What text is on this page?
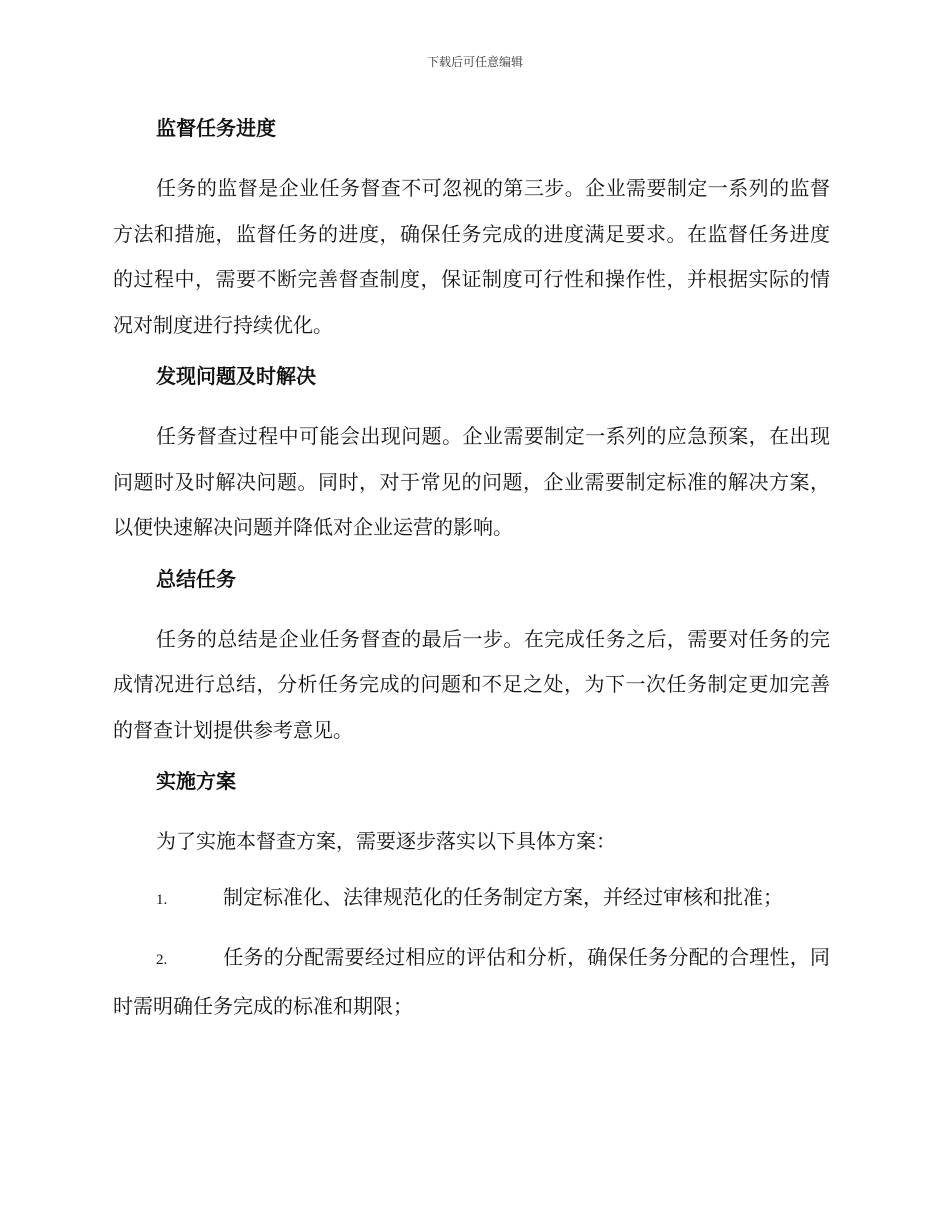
下载后可任意编辑
监督任务进度

任务的监督是企业任务督查不可忽视的第三步。企业需要制定一系列的监督方法和措施，监督任务的进度，确保任务完成的进度满足要求。在监督任务进度的过程中，需要不断完善督查制度，保证制度可行性和操作性，并根据实际的情况对制度进行持续优化。

发现问题及时解决

任务督查过程中可能会出现问题。企业需要制定一系列的应急预案，在出现问题时及时解决问题。同时，对于常见的问题，企业需要制定标准的解决方案，以便快速解决问题并降低对企业运营的影响。

总结任务

任务的总结是企业任务督查的最后一步。在完成任务之后，需要对任务的完成情况进行总结，分析任务完成的问题和不足之处，为下一次任务制定更加完善的督查计划提供参考意见。

实施方案

为了实施本督查方案，需要逐步落实以下具体方案：

1.	制定标准化、法律规范化的任务制定方案，并经过审核和批准；

2.	任务的分配需要经过相应的评估和分析，确保任务分配的合理性，同时需明确任务完成的标准和期限；
